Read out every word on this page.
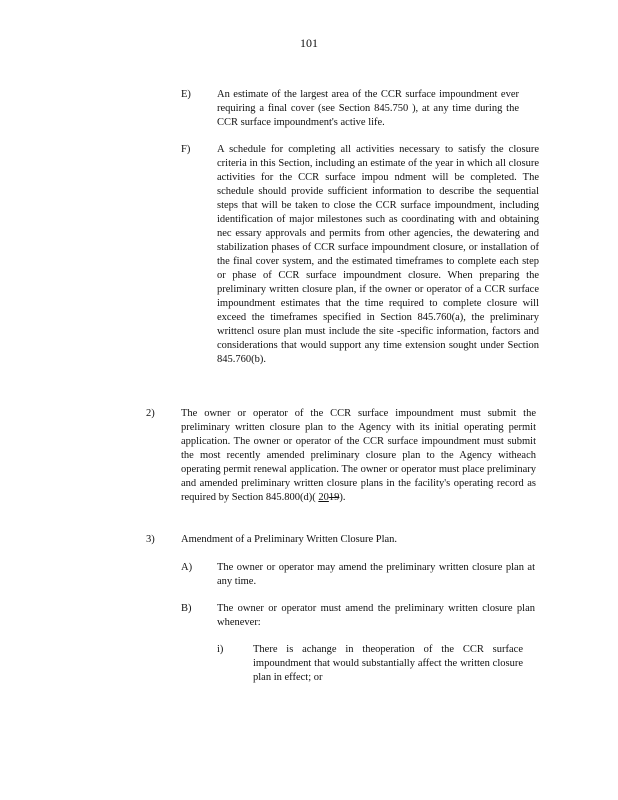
101
E) An estimate of the largest area of the CCR surface impoundment ever requiring a final cover (see Section 845.750 ), at any time during the CCR surface impoundment's active life.

F)	A schedule for completing all activities necessary to satisfy the closure criteria in this Section, including an estimate of the year in which all closure activities for the CCR surface impou ndment will be completed. The schedule should provide sufficient information to describe the sequential steps that will be taken to close the CCR surface impoundment, including identification of major milestones such as coordinating with and obtaining nec essary approvals and permits from other agencies, the dewatering and stabilization phases of CCR surface impoundment closure, or installation of the final cover system, and the estimated timeframes to complete each step or phase of CCR surface impoundment closure. When preparing the preliminary written closure plan, if the owner or operator of a CCR surface impoundment estimates that the time required to complete closure will exceed the timeframes specified in Section 845.760(a), the preliminary writtencl osure plan must include the site -specific information, factors and considerations that would support any time extension sought under Section 845.760(b).

2)	The owner or operator of the CCR surface impoundment must submit the preliminary written closure plan to the Agency with its initial operating permit application. The owner or operator of the CCR surface impoundment must submit the most recently amended preliminary closure plan to the Agency witheach operating permit renewal application. The owner or operator must place preliminary and amended preliminary written closure plans in the facility's operating record as required by Section 845.800(d)( 2019).

3)	Amendment of a Preliminary Written Closure Plan.

A) The owner or operator may amend the preliminary written closure plan at any time.

B) The owner or operator must amend the preliminary written closure plan whenever:

i)	There is achange in theoperation of the CCR surface impoundment that would substantially affect the written closure plan in effect; or
